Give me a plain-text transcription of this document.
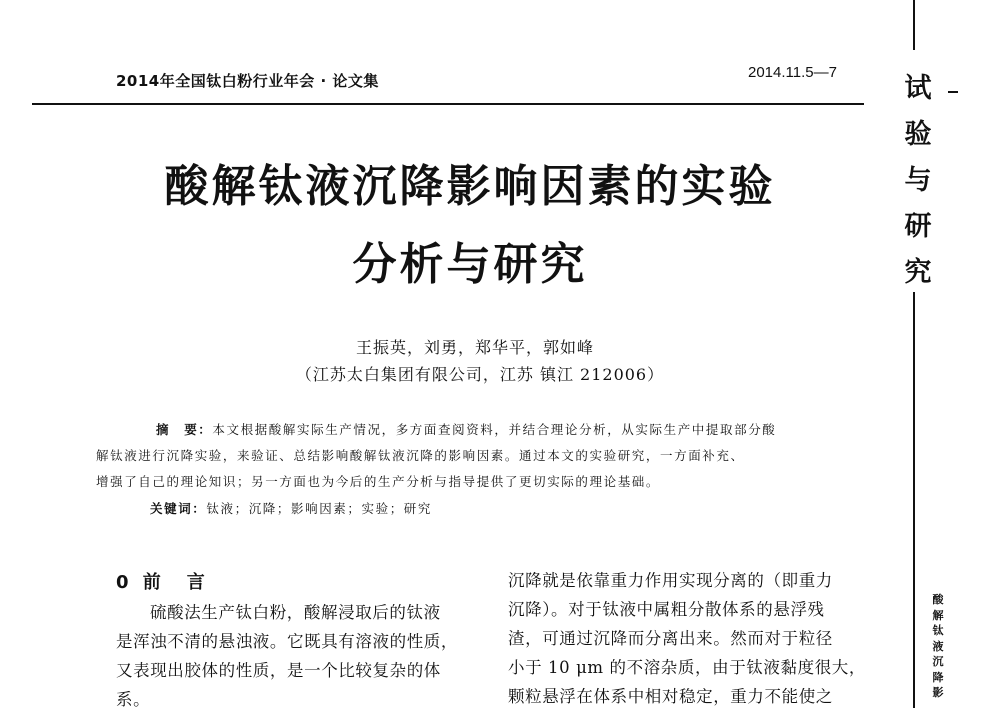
2014年全国钛白粉行业年会 · 论文集	2014.11.5—7
试
验
与
研
究
酸
解
钛
液
沉
降
影
酸解钛液沉降影响因素的实验
分析与研究
王振英，刘勇，郑华平，郭如峰
（江苏太白集团有限公司，江苏 镇江 212006）
摘　要：本文根据酸解实际生产情况，多方面查阅资料，并结合理论分析，从实际生产中提取部分酸
解钛液进行沉降实验，来验证、总结影响酸解钛液沉降的影响因素。通过本文的实验研究，一方面补充、
增强了自己的理论知识；另一方面也为今后的生产分析与指导提供了更切实际的理论基础。
关键词：钛液；沉降；影响因素；实验；研究
0 前　言
硫酸法生产钛白粉，酸解浸取后的钛液
是浑浊不清的悬浊液。它既具有溶液的性质，
又表现出胶体的性质，是一个比较复杂的体
系。
沉降就是依靠重力作用实现分离的（即重力
沉降）。对于钛液中属粗分散体系的悬浮残
渣，可通过沉降而分离出来。然而对于粒径
小于 10 μm 的不溶杂质，由于钛液黏度很大，
颗粒悬浮在体系中相对稳定，重力不能使之
